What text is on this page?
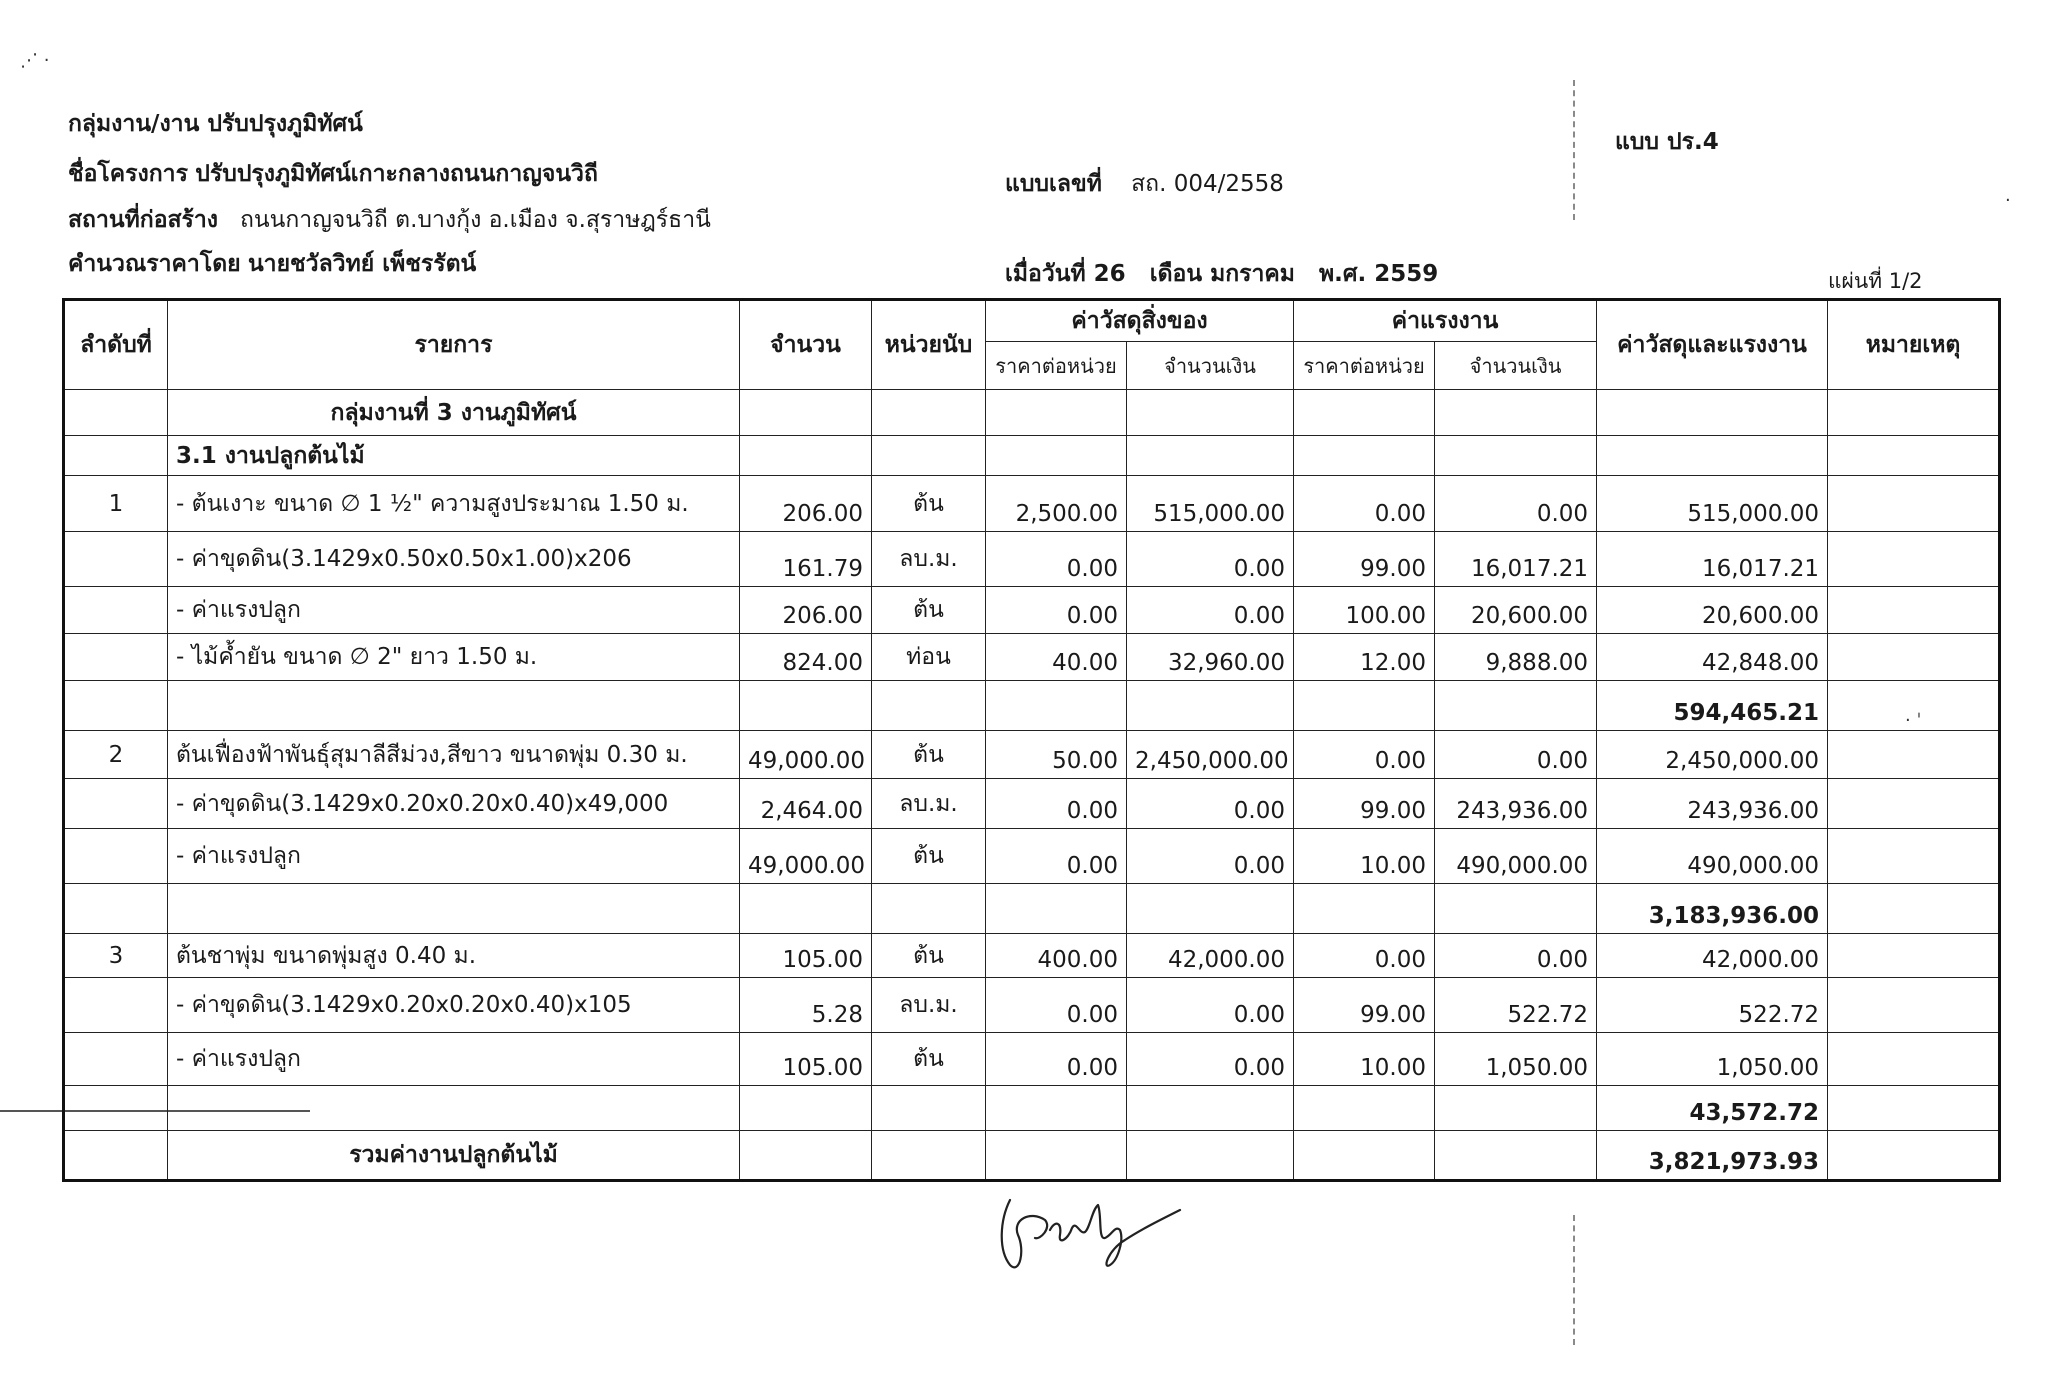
⋰ ·
·
· ˈ
กลุ่มงาน/งาน ปรับปรุงภูมิทัศน์
ชื่อโครงการ ปรับปรุงภูมิทัศน์เกาะกลางถนนกาญจนวิถี
สถานที่ก่อสร้าง ถนนกาญจนวิถี ต.บางกุ้ง อ.เมือง จ.สุราษฎร์ธานี
คำนวณราคาโดย นายชวัลวิทย์ เพ็ชรรัตน์
แบบเลขที่ สถ. 004/2558
เมื่อวันที่ 26 เดือน มกราคม พ.ศ. 2559
แบบ ปร.4
แผ่นที่ 1/2
ลำดับที่	รายการ	จำนวน	หน่วยนับ	ค่าวัสดุสิ่งของ		ค่าแรงงาน		ค่าวัสดุและแรงงาน	หมายเหตุ
				ราคาต่อหน่วย	จำนวนเงิน	ราคาต่อหน่วย	จำนวนเงิน		
	กลุ่มงานที่ 3 งานภูมิทัศน์								
	3.1 งานปลูกต้นไม้								
1	- ต้นเงาะ ขนาด ∅ 1 ¹⁄₂" ความสูงประมาณ 1.50 ม.	206.00	ต้น	2,500.00	515,000.00	0.00	0.00	515,000.00	
	- ค่าขุดดิน(3.1429x0.50x0.50x1.00)x206	161.79	ลบ.ม.	0.00	0.00	99.00	16,017.21	16,017.21	
	- ค่าแรงปลูก	206.00	ต้น	0.00	0.00	100.00	20,600.00	20,600.00	
	- ไม้ค้ำยัน ขนาด ∅ 2" ยาว 1.50 ม.	824.00	ท่อน	40.00	32,960.00	12.00	9,888.00	42,848.00	
								594,465.21	
2	ต้นเฟื่องฟ้าพันธุ์สุมาลีสีม่วง,สีขาว ขนาดพุ่ม 0.30 ม.	49,000.00	ต้น	50.00	2,450,000.00	0.00	0.00	2,450,000.00	
	- ค่าขุดดิน(3.1429x0.20x0.20x0.40)x49,000	2,464.00	ลบ.ม.	0.00	0.00	99.00	243,936.00	243,936.00	
	- ค่าแรงปลูก	49,000.00	ต้น	0.00	0.00	10.00	490,000.00	490,000.00	
								3,183,936.00	
3	ต้นชาพุ่ม ขนาดพุ่มสูง 0.40 ม.	105.00	ต้น	400.00	42,000.00	0.00	0.00	42,000.00	
	- ค่าขุดดิน(3.1429x0.20x0.20x0.40)x105	5.28	ลบ.ม.	0.00	0.00	99.00	522.72	522.72	
	- ค่าแรงปลูก	105.00	ต้น	0.00	0.00	10.00	1,050.00	1,050.00	
								43,572.72	
	รวมค่างานปลูกต้นไม้							3,821,973.93	
